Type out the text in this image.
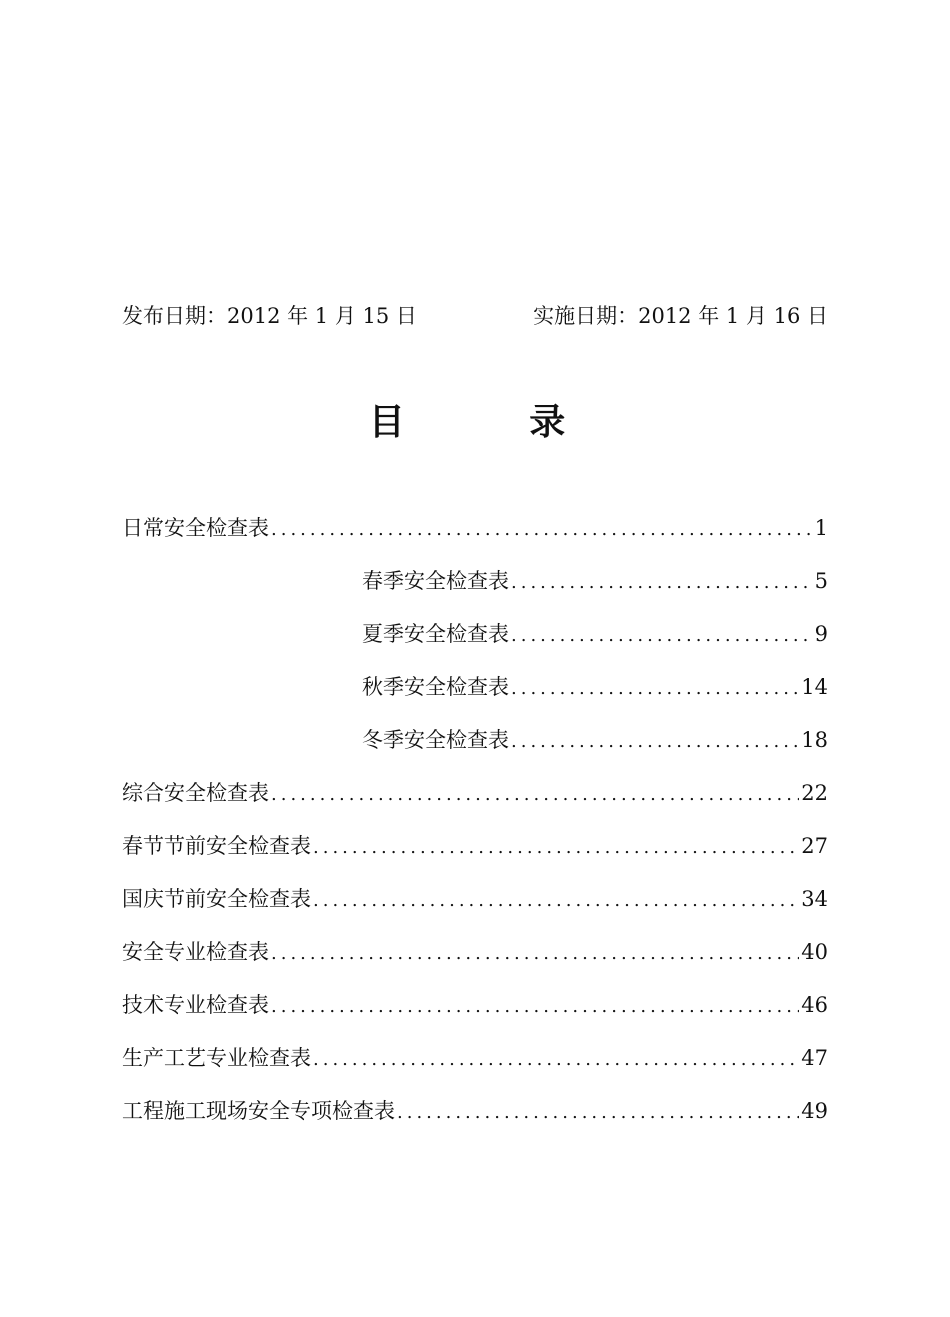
发布日期：2012 年 1 月 15 日	实施日期：2012 年 1 月 16 日
目 录
日常安全检查表 .....	1
春季安全检查表 .....	5
夏季安全检查表 .....	9
秋季安全检查表 .....	14
冬季安全检查表 .....	18
综合安全检查表 .....	22
春节节前安全检查表 .....	27
国庆节前安全检查表 .....	34
安全专业检查表 .....	40
技术专业检查表 .....	46
生产工艺专业检查表 .....	47
工程施工现场安全专项检查表 .....	49
